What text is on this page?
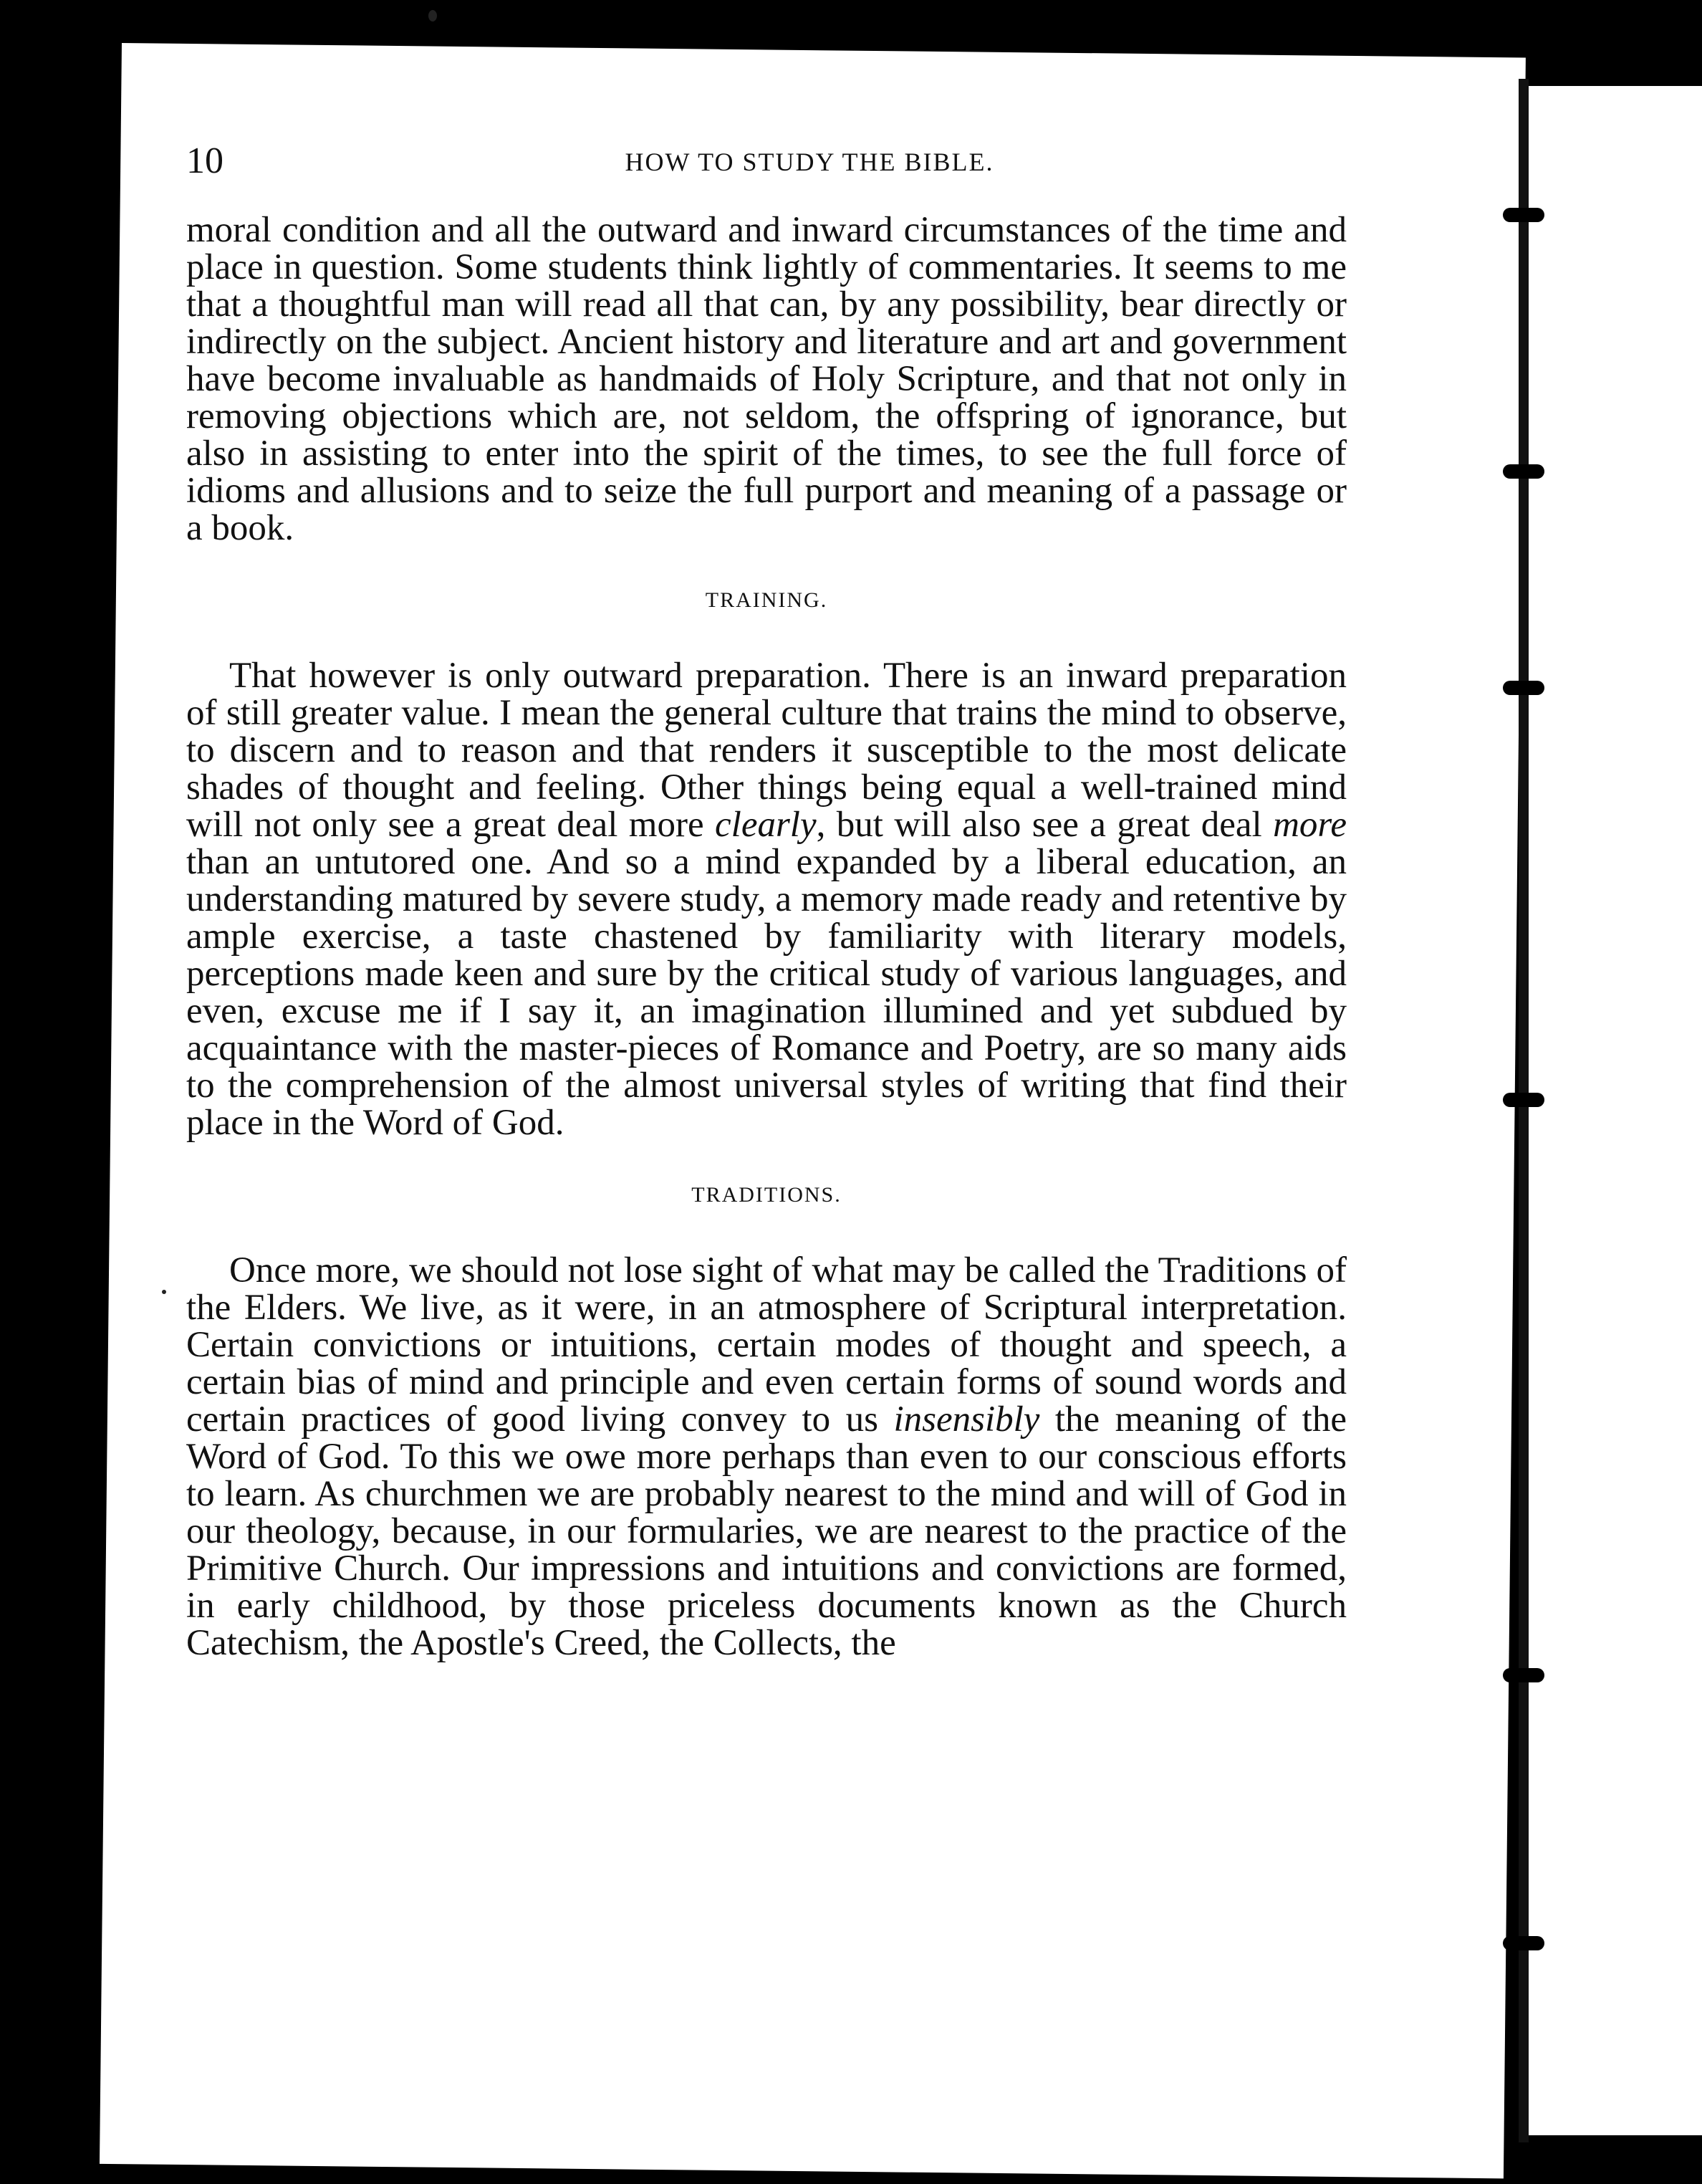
10	HOW TO STUDY THE BIBLE.

moral condition and all the outward and inward circumstances of the time and place in question. Some students think lightly of commentaries. It seems to me that a thoughtful man will read all that can, by any possibility, bear directly or indirectly on the subject. Ancient history and literature and art and government have become invaluable as handmaids of Holy Scripture, and that not only in removing objections which are, not seldom, the offspring of ignorance, but also in assisting to enter into the spirit of the times, to see the full force of idioms and allusions and to seize the full purport and meaning of a passage or a book.

TRAINING.

That however is only outward preparation. There is an inward preparation of still greater value. I mean the general culture that trains the mind to observe, to discern and to reason and that renders it susceptible to the most delicate shades of thought and feeling. Other things being equal a well-trained mind will not only see a great deal more clearly, but will also see a great deal more than an untutored one. And so a mind expanded by a liberal education, an understanding matured by severe study, a memory made ready and retentive by ample exercise, a taste chastened by familiarity with literary models, perceptions made keen and sure by the critical study of various languages, and even, excuse me if I say it, an imagination illumined and yet subdued by acquaintance with the master-pieces of Romance and Poetry, are so many aids to the comprehension of the almost universal styles of writing that find their place in the Word of God.

TRADITIONS.

Once more, we should not lose sight of what may be called the Traditions of the Elders. We live, as it were, in an atmosphere of Scriptural interpretation. Certain convictions or intuitions, certain modes of thought and speech, a certain bias of mind and principle and even certain forms of sound words and certain practices of good living convey to us insensibly the meaning of the Word of God. To this we owe more perhaps than even to our conscious efforts to learn. As churchmen we are probably nearest to the mind and will of God in our theology, because, in our formularies, we are nearest to the practice of the Primitive Church. Our impressions and intuitions and convictions are formed, in early childhood, by those priceless documents known as the Church Catechism, the Apostle's Creed, the Collects, the
